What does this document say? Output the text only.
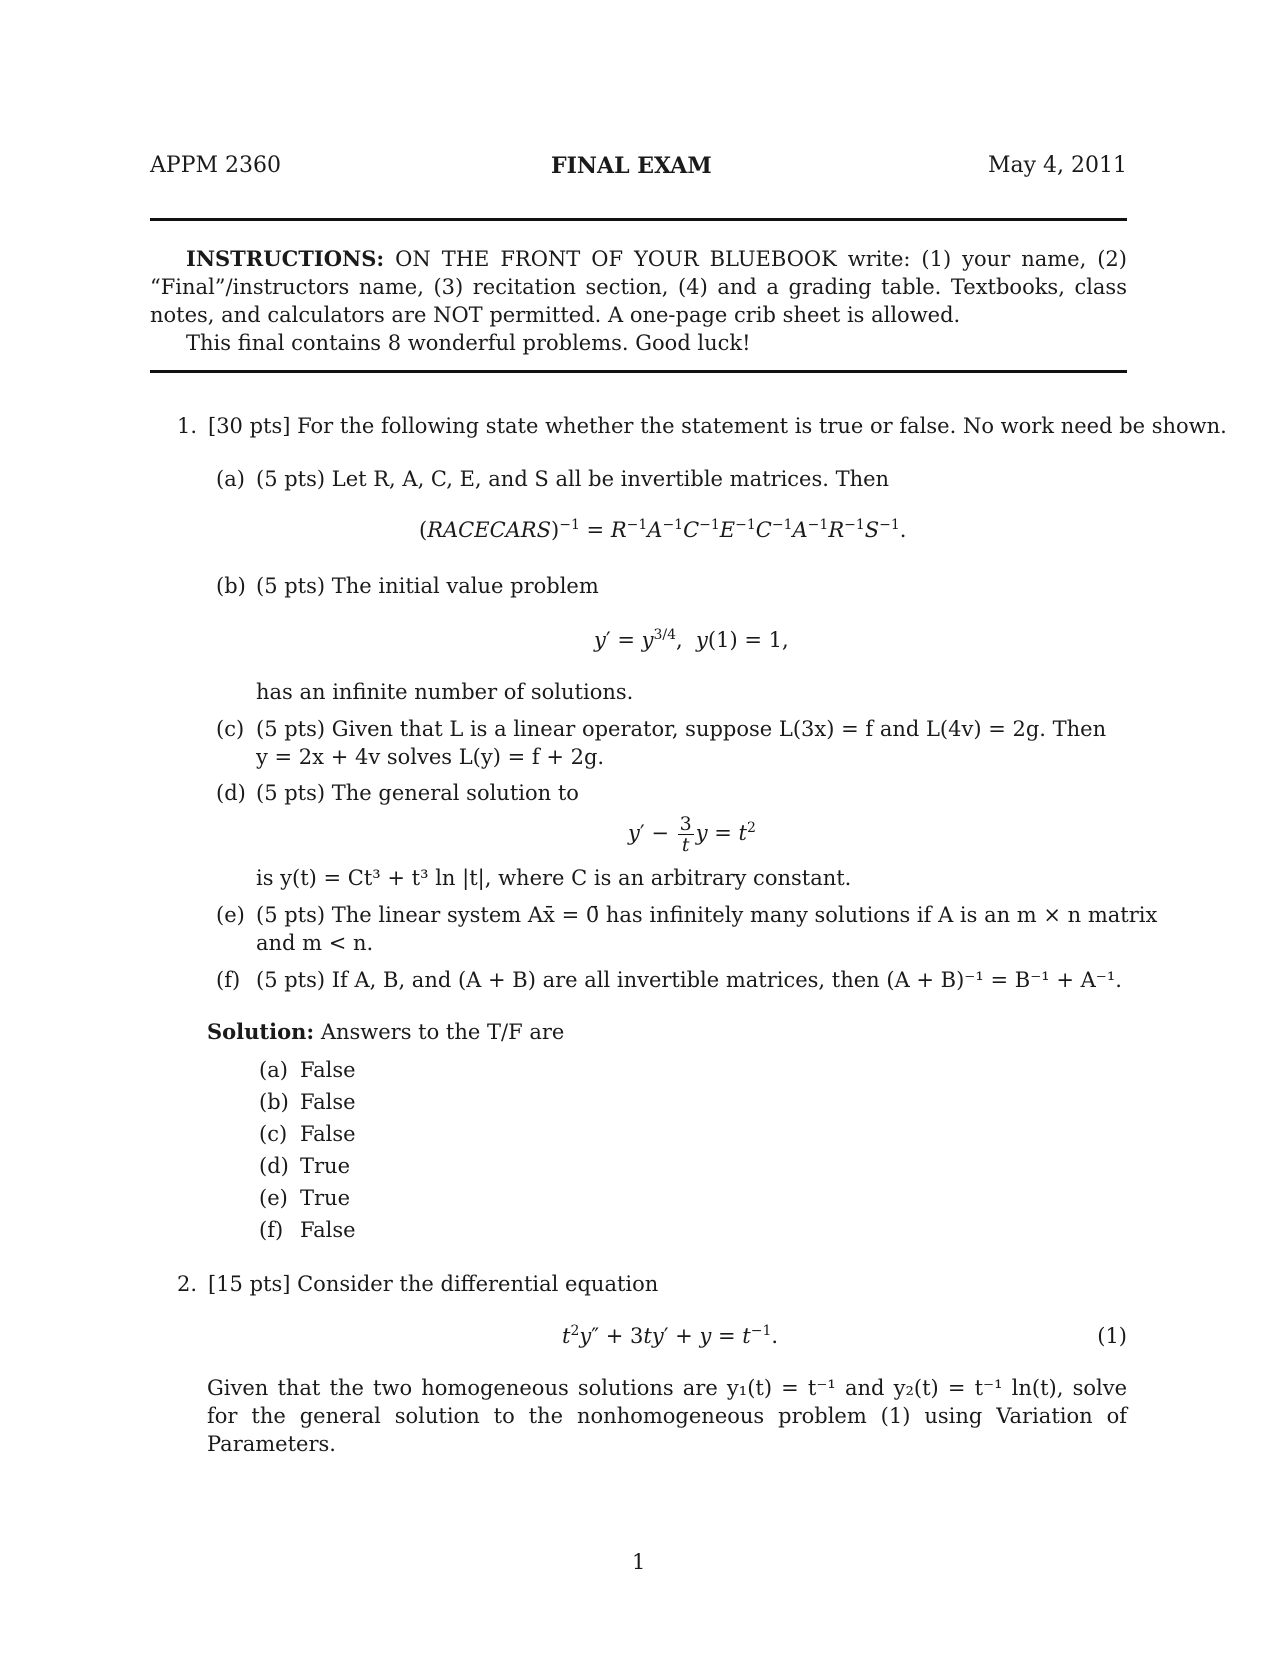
APPM 2360	FINAL EXAM	May 4, 2011
INSTRUCTIONS: ON THE FRONT OF YOUR BLUEBOOK write: (1) your name, (2) “Final”/instructors name, (3) recitation section, (4) and a grading table. Textbooks, class notes, and calculators are NOT permitted. A one-page crib sheet is allowed.
This final contains 8 wonderful problems. Good luck!
1. [30 pts] For the following state whether the statement is true or false. No work need be shown.
(a) (5 pts) Let R, A, C, E, and S all be invertible matrices. Then
(RACECARS)$^{-1}$ = $R^{-1}A^{-1}C^{-1}E^{-1}C^{-1}A^{-1}R^{-1}S^{-1}$.
(b) (5 pts) The initial value problem
$y' = y^{3/4}$,  y(1) = 1,
has an infinite number of solutions.
(c) (5 pts) Given that L is a linear operator, suppose L(3x) = f and L(4v) = 2g. Then
y = 2x + 4v solves L(y) = f + 2g.
(d) (5 pts) The general solution to
$y' - \frac{3}{t}$ $y = t^2$
is y(t) = Ct³ + t³ ln |t|, where C is an arbitrary constant.
(e) (5 pts) The linear system Ax̄ = 0̄ has infinitely many solutions if A is an m × n matrix
and m < n.
(f) (5 pts) If A, B, and (A + B) are all invertible matrices, then (A + B)⁻¹ = B⁻¹ + A⁻¹.
Solution: Answers to the T/F are
(a) False
(b) False
(c) False
(d) True
(e) True
(f) False
2. [15 pts] Consider the differential equation
$t^2y'' + 3ty' + y = t^{-1}$.	(1)
Given that the two homogeneous solutions are y₁(t) = t⁻¹ and y₂(t) = t⁻¹ ln(t), solve for the general solution to the nonhomogeneous problem (1) using Variation of Parameters.
1
